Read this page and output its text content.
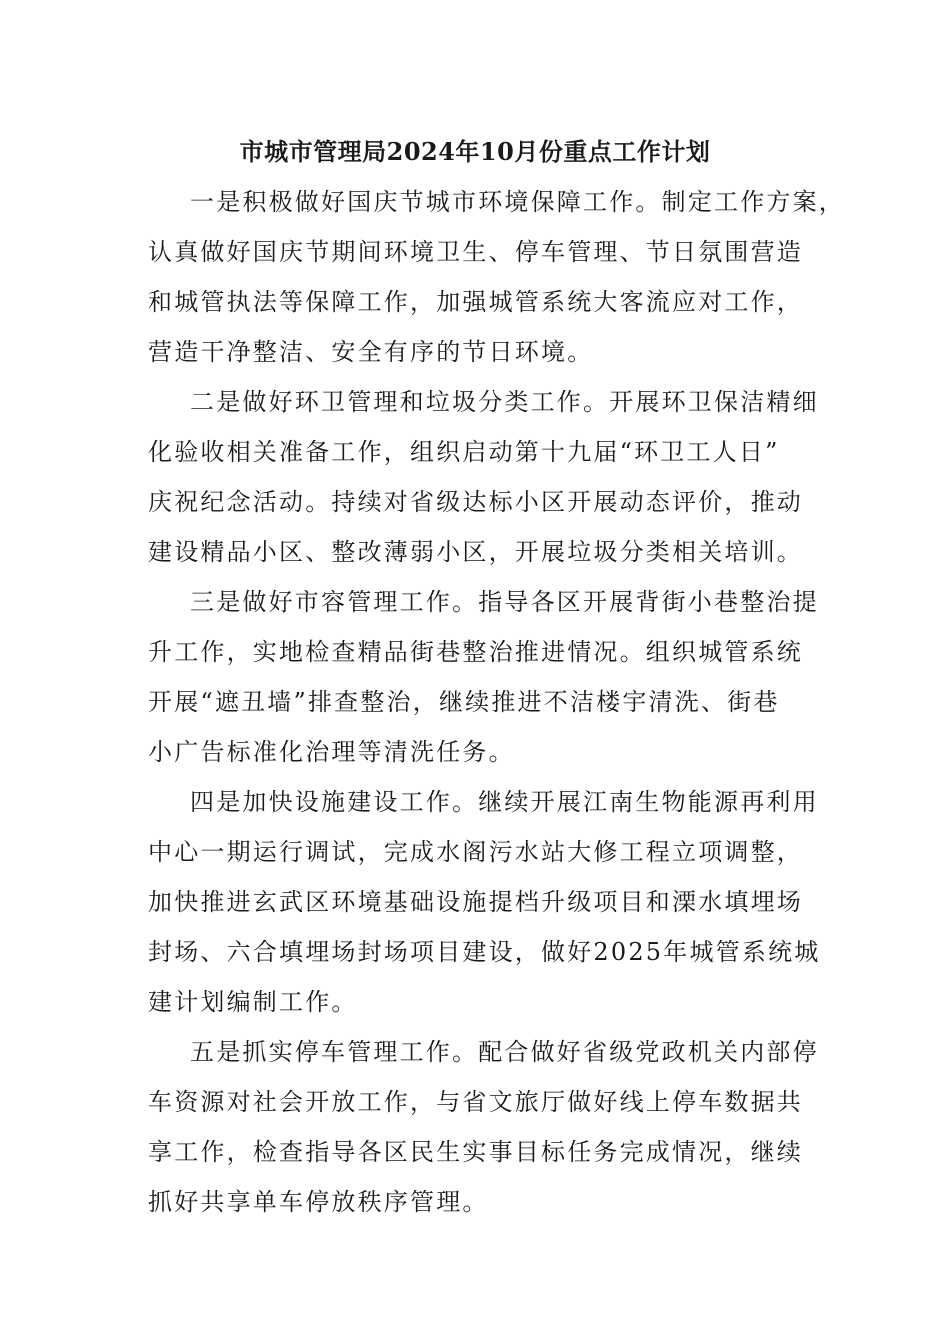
市城市管理局2024年10月份重点工作计划
一是积极做好国庆节城市环境保障工作。制定工作方案，
认真做好国庆节期间环境卫生、停车管理、节日氛围营造
和城管执法等保障工作，加强城管系统大客流应对工作，
营造干净整洁、安全有序的节日环境。
二是做好环卫管理和垃圾分类工作。开展环卫保洁精细
化验收相关准备工作，组织启动第十九届“环卫工人日”
庆祝纪念活动。持续对省级达标小区开展动态评价，推动
建设精品小区、整改薄弱小区，开展垃圾分类相关培训。
三是做好市容管理工作。指导各区开展背街小巷整治提
升工作，实地检查精品街巷整治推进情况。组织城管系统
开展“遮丑墙”排查整治，继续推进不洁楼宇清洗、街巷
小广告标准化治理等清洗任务。
四是加快设施建设工作。继续开展江南生物能源再利用
中心一期运行调试，完成水阁污水站大修工程立项调整，
加快推进玄武区环境基础设施提档升级项目和溧水填埋场
封场、六合填埋场封场项目建设，做好2025年城管系统城
建计划编制工作。
五是抓实停车管理工作。配合做好省级党政机关内部停
车资源对社会开放工作，与省文旅厅做好线上停车数据共
享工作，检查指导各区民生实事目标任务完成情况，继续
抓好共享单车停放秩序管理。
